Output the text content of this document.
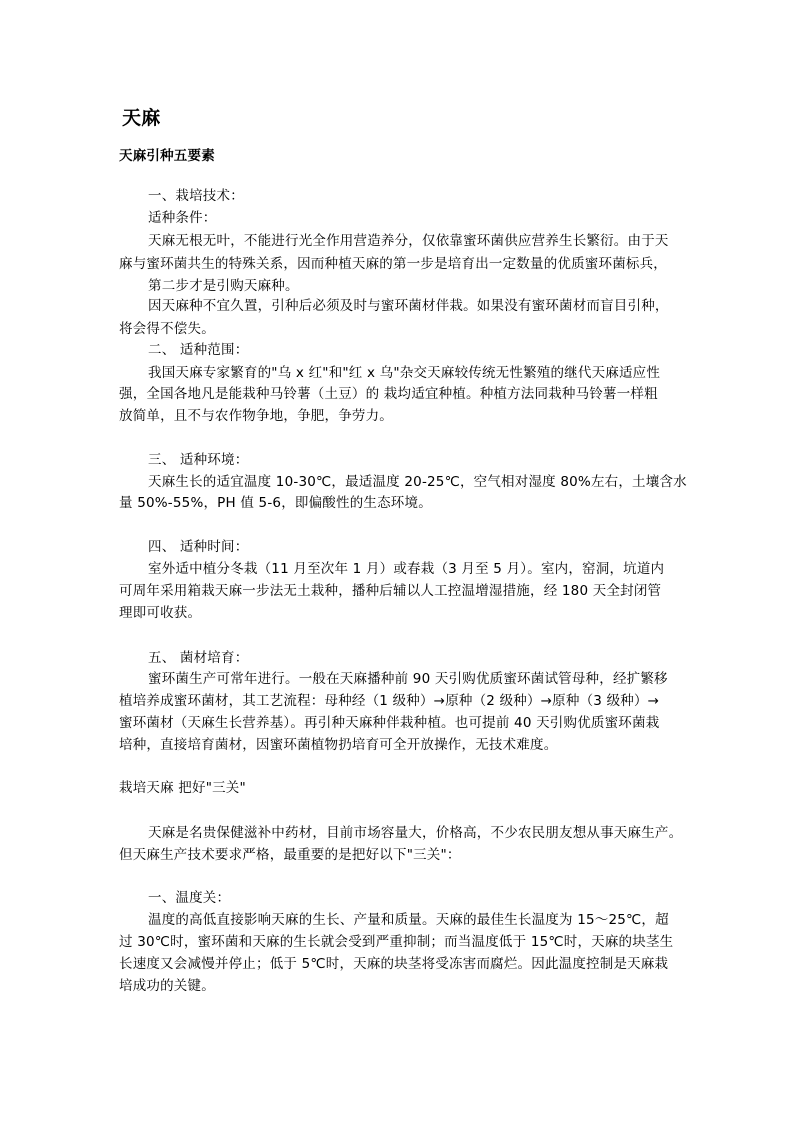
天麻
天麻引种五要素
一、栽培技术：
适种条件：
天麻无根无叶，不能进行光全作用营造养分，仅依靠蜜环菌供应营养生长繁衍。由于天
麻与蜜环菌共生的特殊关系，因而种植天麻的第一步是培育出一定数量的优质蜜环菌标兵，
第二步才是引购天麻种。
因天麻种不宜久置，引种后必须及时与蜜环菌材伴栽。如果没有蜜环菌材而盲目引种，
将会得不偿失。
二、 适种范围：
我国天麻专家繁育的"乌 x 红"和"红 x 乌"杂交天麻较传统无性繁殖的继代天麻适应性
强，全国各地凡是能栽种马铃薯（土豆）的 栽均适宜种植。种植方法同栽种马铃薯一样粗
放简单，且不与农作物争地，争肥，争劳力。
三、 适种环境：
天麻生长的适宜温度 10-30℃，最适温度 20-25℃，空气相对湿度 80%左右，土壤含水
量 50%-55%，PH 值 5-6，即偏酸性的生态环境。
四、 适种时间：
室外适中植分冬栽（11 月至次年 1 月）或春栽（3 月至 5 月）。室内，窑洞，坑道内
可周年采用箱栽天麻一步法无土栽种，播种后辅以人工控温增湿措施，经 180 天全封闭管
理即可收获。
五、 菌材培育：
蜜环菌生产可常年进行。一般在天麻播种前 90 天引购优质蜜环菌试管母种，经扩繁移
植培养成蜜环菌材，其工艺流程：母种经（1 级种）→原种（2 级种）→原种（3 级种）→
蜜环菌材（天麻生长营养基）。再引种天麻种伴栽种植。也可提前 40 天引购优质蜜环菌栽
培种，直接培育菌材，因蜜环菌植物扔培育可全开放操作，无技术难度。
栽培天麻 把好"三关"
天麻是名贵保健滋补中药材，目前市场容量大，价格高，不少农民朋友想从事天麻生产。
但天麻生产技术要求严格，最重要的是把好以下"三关"：
一、温度关：
温度的高低直接影响天麻的生长、产量和质量。天麻的最佳生长温度为 15～25℃，超
过 30℃时，蜜环菌和天麻的生长就会受到严重抑制；而当温度低于 15℃时，天麻的块茎生
长速度又会减慢并停止；低于 5℃时，天麻的块茎将受冻害而腐烂。因此温度控制是天麻栽
培成功的关键。
